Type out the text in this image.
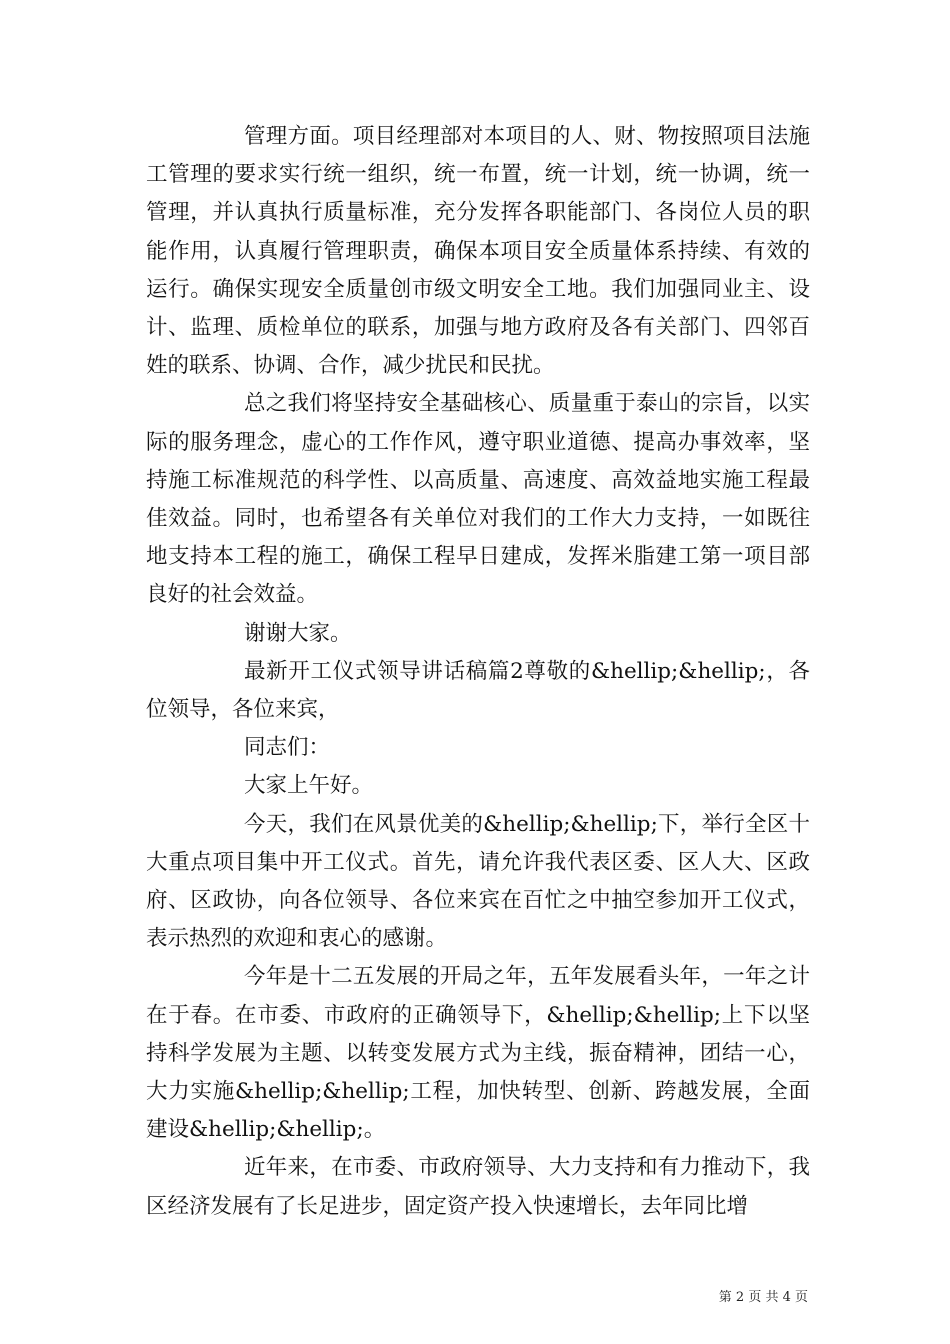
管理方面。项目经理部对本项目的人、财、物按照项目法施工管理的要求实行统一组织，统一布置，统一计划，统一协调，统一管理，并认真执行质量标准，充分发挥各职能部门、各岗位人员的职能作用，认真履行管理职责，确保本项目安全质量体系持续、有效的运行。确保实现安全质量创市级文明安全工地。我们加强同业主、设计、监理、质检单位的联系，加强与地方政府及各有关部门、四邻百姓的联系、协调、合作，减少扰民和民扰。

总之我们将坚持安全基础核心、质量重于泰山的宗旨，以实际的服务理念，虚心的工作作风，遵守职业道德、提高办事效率，坚持施工标准规范的科学性、以高质量、高速度、高效益地实施工程最佳效益。同时，也希望各有关单位对我们的工作大力支持，一如既往地支持本工程的施工，确保工程早日建成，发挥米脂建工第一项目部良好的社会效益。

谢谢大家。

最新开工仪式领导讲话稿篇2尊敬的&hellip;&hellip;，各位领导，各位来宾，

同志们：

大家上午好。

今天，我们在风景优美的&hellip;&hellip;下，举行全区十大重点项目集中开工仪式。首先，请允许我代表区委、区人大、区政府、区政协，向各位领导、各位来宾在百忙之中抽空参加开工仪式，表示热烈的欢迎和衷心的感谢。

今年是十二五发展的开局之年，五年发展看头年，一年之计在于春。在市委、市政府的正确领导下，&hellip;&hellip;上下以坚持科学发展为主题、以转变发展方式为主线，振奋精神，团结一心，大力实施&hellip;&hellip;工程，加快转型、创新、跨越发展，全面建设&hellip;&hellip;。

近年来，在市委、市政府领导、大力支持和有力推动下，我区经济发展有了长足进步，固定资产投入快速增长，去年同比增

第 2 页 共 4 页
